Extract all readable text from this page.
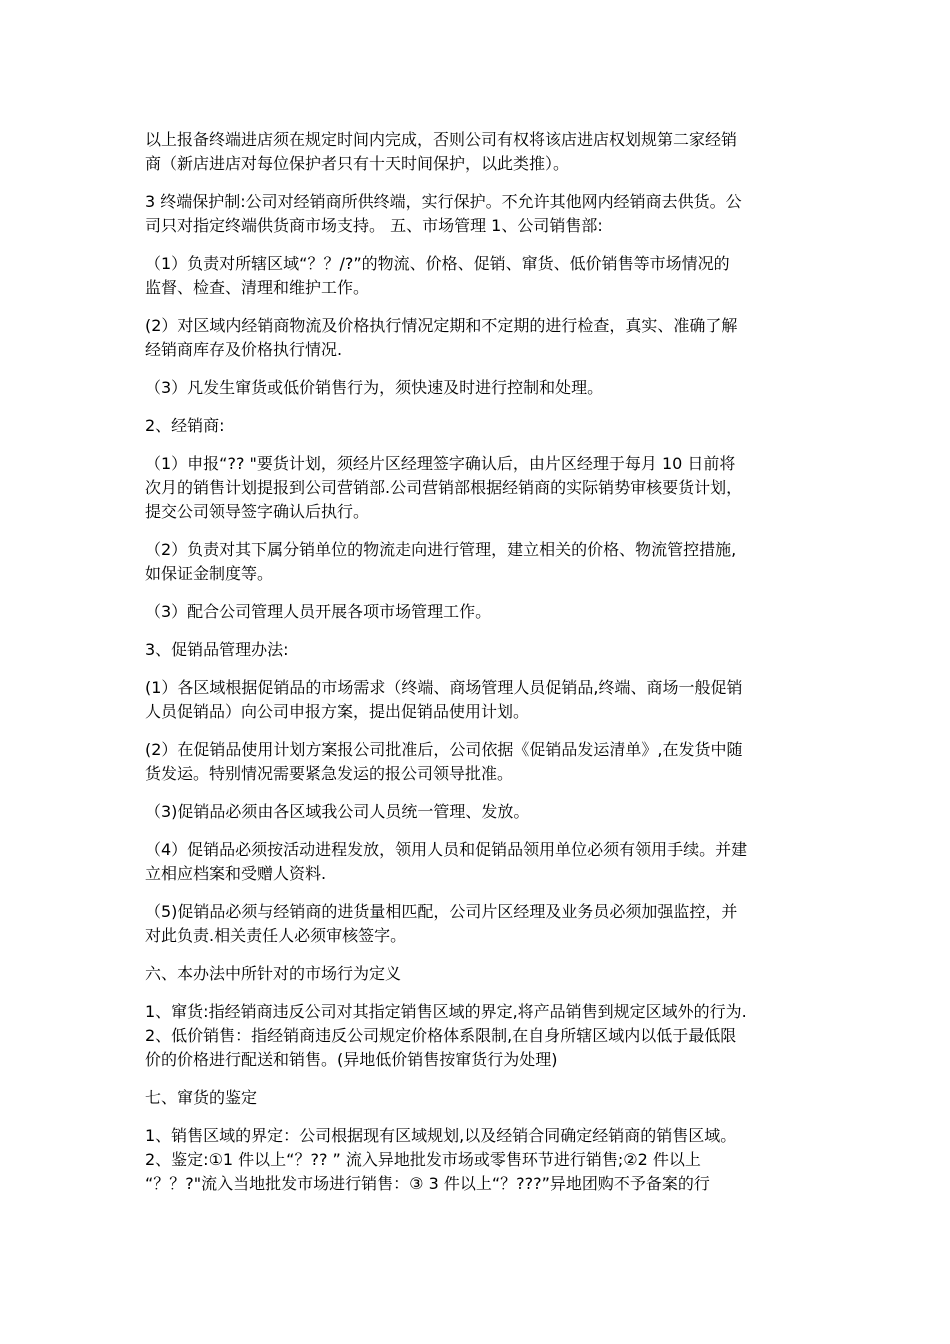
以上报备终端进店须在规定时间内完成，否则公司有权将该店进店权划规第二家经销
商（新店进店对每位保护者只有十天时间保护，以此类推）。
3 终端保护制:公司对经销商所供终端，实行保护。不允许其他网内经销商去供货。公
司只对指定终端供货商市场支持。 五、市场管理 1、公司销售部:
（1）负责对所辖区域“？？/?”的物流、价格、促销、窜货、低价销售等市场情况的
监督、检查、清理和维护工作。
(2）对区域内经销商物流及价格执行情况定期和不定期的进行检查，真实、准确了解
经销商库存及价格执行情况.
（3）凡发生窜货或低价销售行为，须快速及时进行控制和处理。
2、经销商:
（1）申报“?? "要货计划，须经片区经理签字确认后，由片区经理于每月 10 日前将
次月的销售计划提报到公司营销部.公司营销部根据经销商的实际销势审核要货计划，
提交公司领导签字确认后执行。
（2）负责对其下属分销单位的物流走向进行管理，建立相关的价格、物流管控措施,
如保证金制度等。
（3）配合公司管理人员开展各项市场管理工作。
3、促销品管理办法:
(1）各区域根据促销品的市场需求（终端、商场管理人员促销品,终端、商场一般促销
人员促销品）向公司申报方案，提出促销品使用计划。
(2）在促销品使用计划方案报公司批准后，公司依据《促销品发运清单》,在发货中随
货发运。特别情况需要紧急发运的报公司领导批准。
（3)促销品必须由各区域我公司人员统一管理、发放。
（4）促销品必须按活动进程发放，领用人员和促销品领用单位必须有领用手续。并建
立相应档案和受赠人资料.
（5)促销品必须与经销商的进货量相匹配，公司片区经理及业务员必须加强监控，并
对此负责.相关责任人必须审核签字。
六、本办法中所针对的市场行为定义
1、窜货:指经销商违反公司对其指定销售区域的界定,将产品销售到规定区域外的行为.
2、低价销售：指经销商违反公司规定价格体系限制,在自身所辖区域内以低于最低限
价的价格进行配送和销售。(异地低价销售按窜货行为处理)
七、窜货的鉴定
1、销售区域的界定：公司根据现有区域规划,以及经销合同确定经销商的销售区域。
2、鉴定:①1 件以上“？?? ” 流入异地批发市场或零售环节进行销售;②2 件以上
“？？?"流入当地批发市场进行销售：③ 3 件以上“？???”异地团购不予备案的行
